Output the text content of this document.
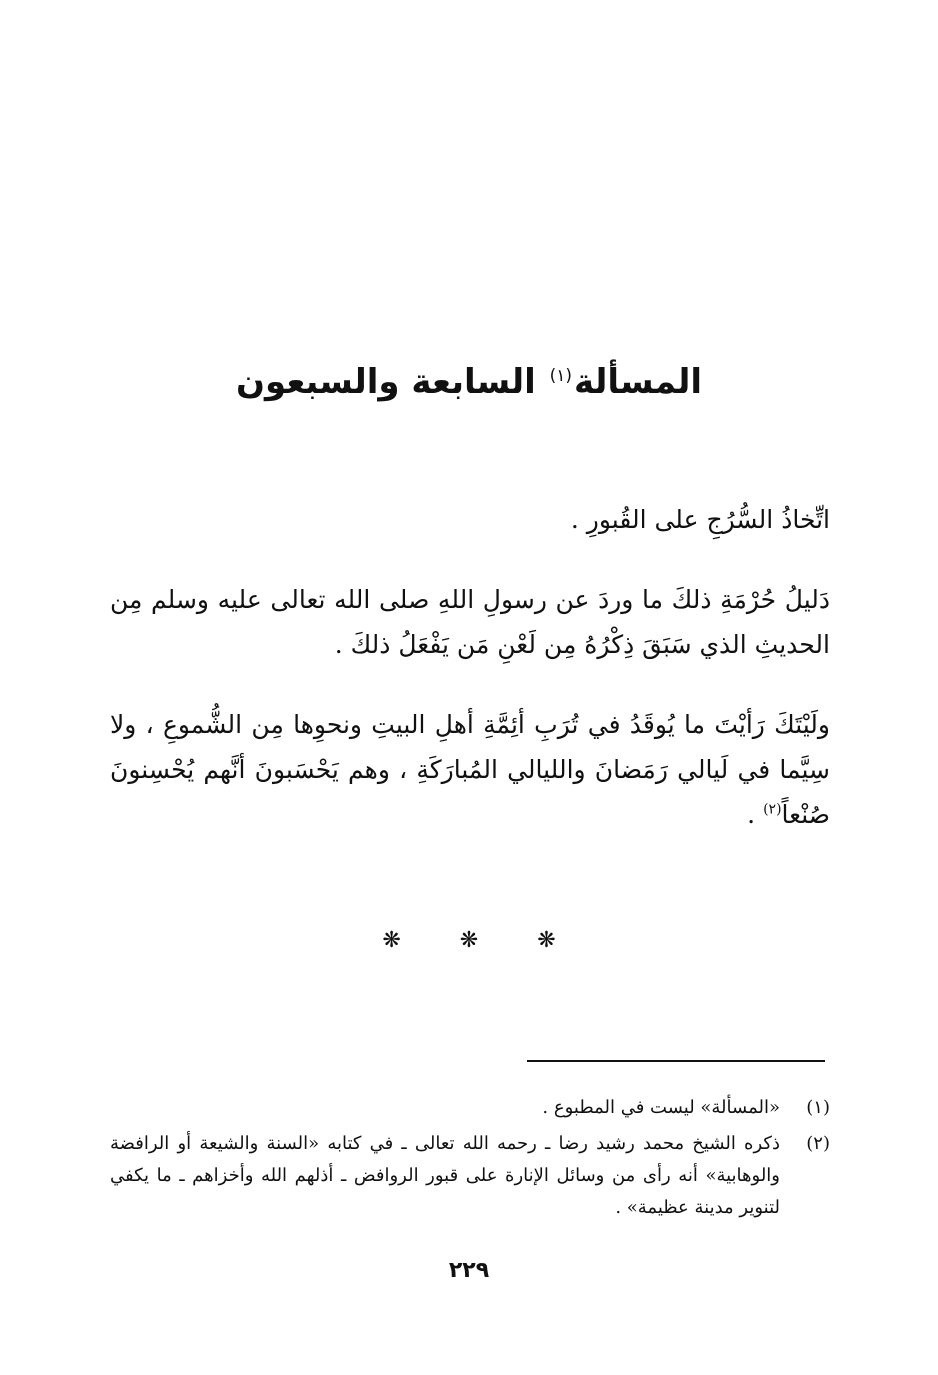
المسألة$^{(١)}$ السابعة والسبعون
اتِّخاذُ السُّرُجِ على القُبورِ .
دَليلُ حُرْمَةِ ذلكَ ما وردَ عن رسولِ اللهِ صلى الله تعالى عليه وسلم مِن الحديثِ الذي سَبَقَ ذِكْرُهُ مِن لَعْنِ مَن يَفْعَلُ ذلكَ .
ولَيْتَكَ رَأيْتَ ما يُوقَدُ في تُرَبِ أئِمَّةِ أهلِ البيتِ ونحوِها مِن الشُّموعِ ، ولا سِيَّما في لَيالي رَمَضانَ والليالي المُبارَكَةِ ، وهم يَحْسَبونَ أنَّهم يُحْسِنونَ صُنْعاً$^{(٢)}$ .
❋ ❋ ❋
(١)
«المسألة» ليست في المطبوع .
(٢)
ذكره الشيخ محمد رشيد رضا ـ رحمه الله تعالى ـ في كتابه «السنة والشيعة أو الرافضة والوهابية» أنه رأى من وسائل الإنارة على قبور الروافض ـ أذلهم الله وأخزاهم ـ ما يكفي لتنوير مدينة عظيمة» .
٢٢٩
